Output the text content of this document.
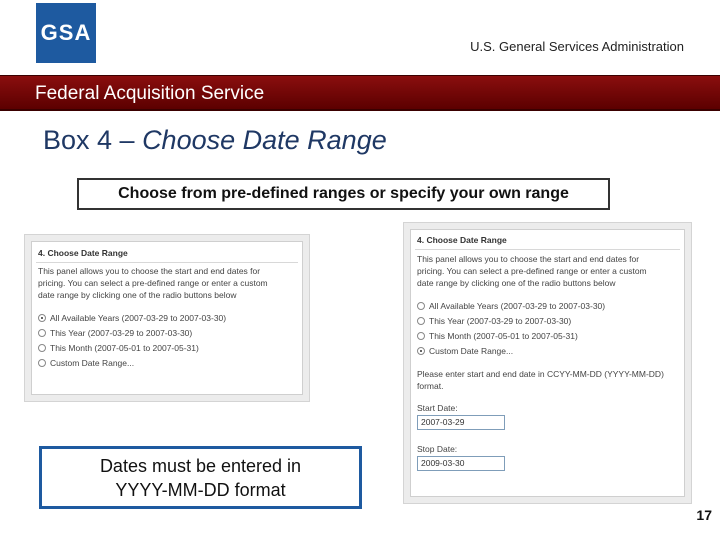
GSA
U.S. General Services Administration
Federal Acquisition Service
Box 4 – Choose Date Range
Choose from pre-defined ranges or specify your own range
4. Choose Date Range
This panel allows you to choose the start and end dates for
pricing. You can select a pre-defined range or enter a custom
date range by clicking one of the radio buttons below
All Available Years (2007-03-29 to 2007-03-30)
This Year (2007-03-29 to 2007-03-30)
This Month (2007-05-01 to 2007-05-31)
Custom Date Range...
4. Choose Date Range
This panel allows you to choose the start and end dates for
pricing. You can select a pre-defined range or enter a custom
date range by clicking one of the radio buttons below
All Available Years (2007-03-29 to 2007-03-30)
This Year (2007-03-29 to 2007-03-30)
This Month (2007-05-01 to 2007-05-31)
Custom Date Range...
Please enter start and end date in CCYY-MM-DD (YYYY-MM-DD)
format.
Start Date:
2007-03-29
Stop Date:
2009-03-30
Dates must be entered in
YYYY-MM-DD format
17
